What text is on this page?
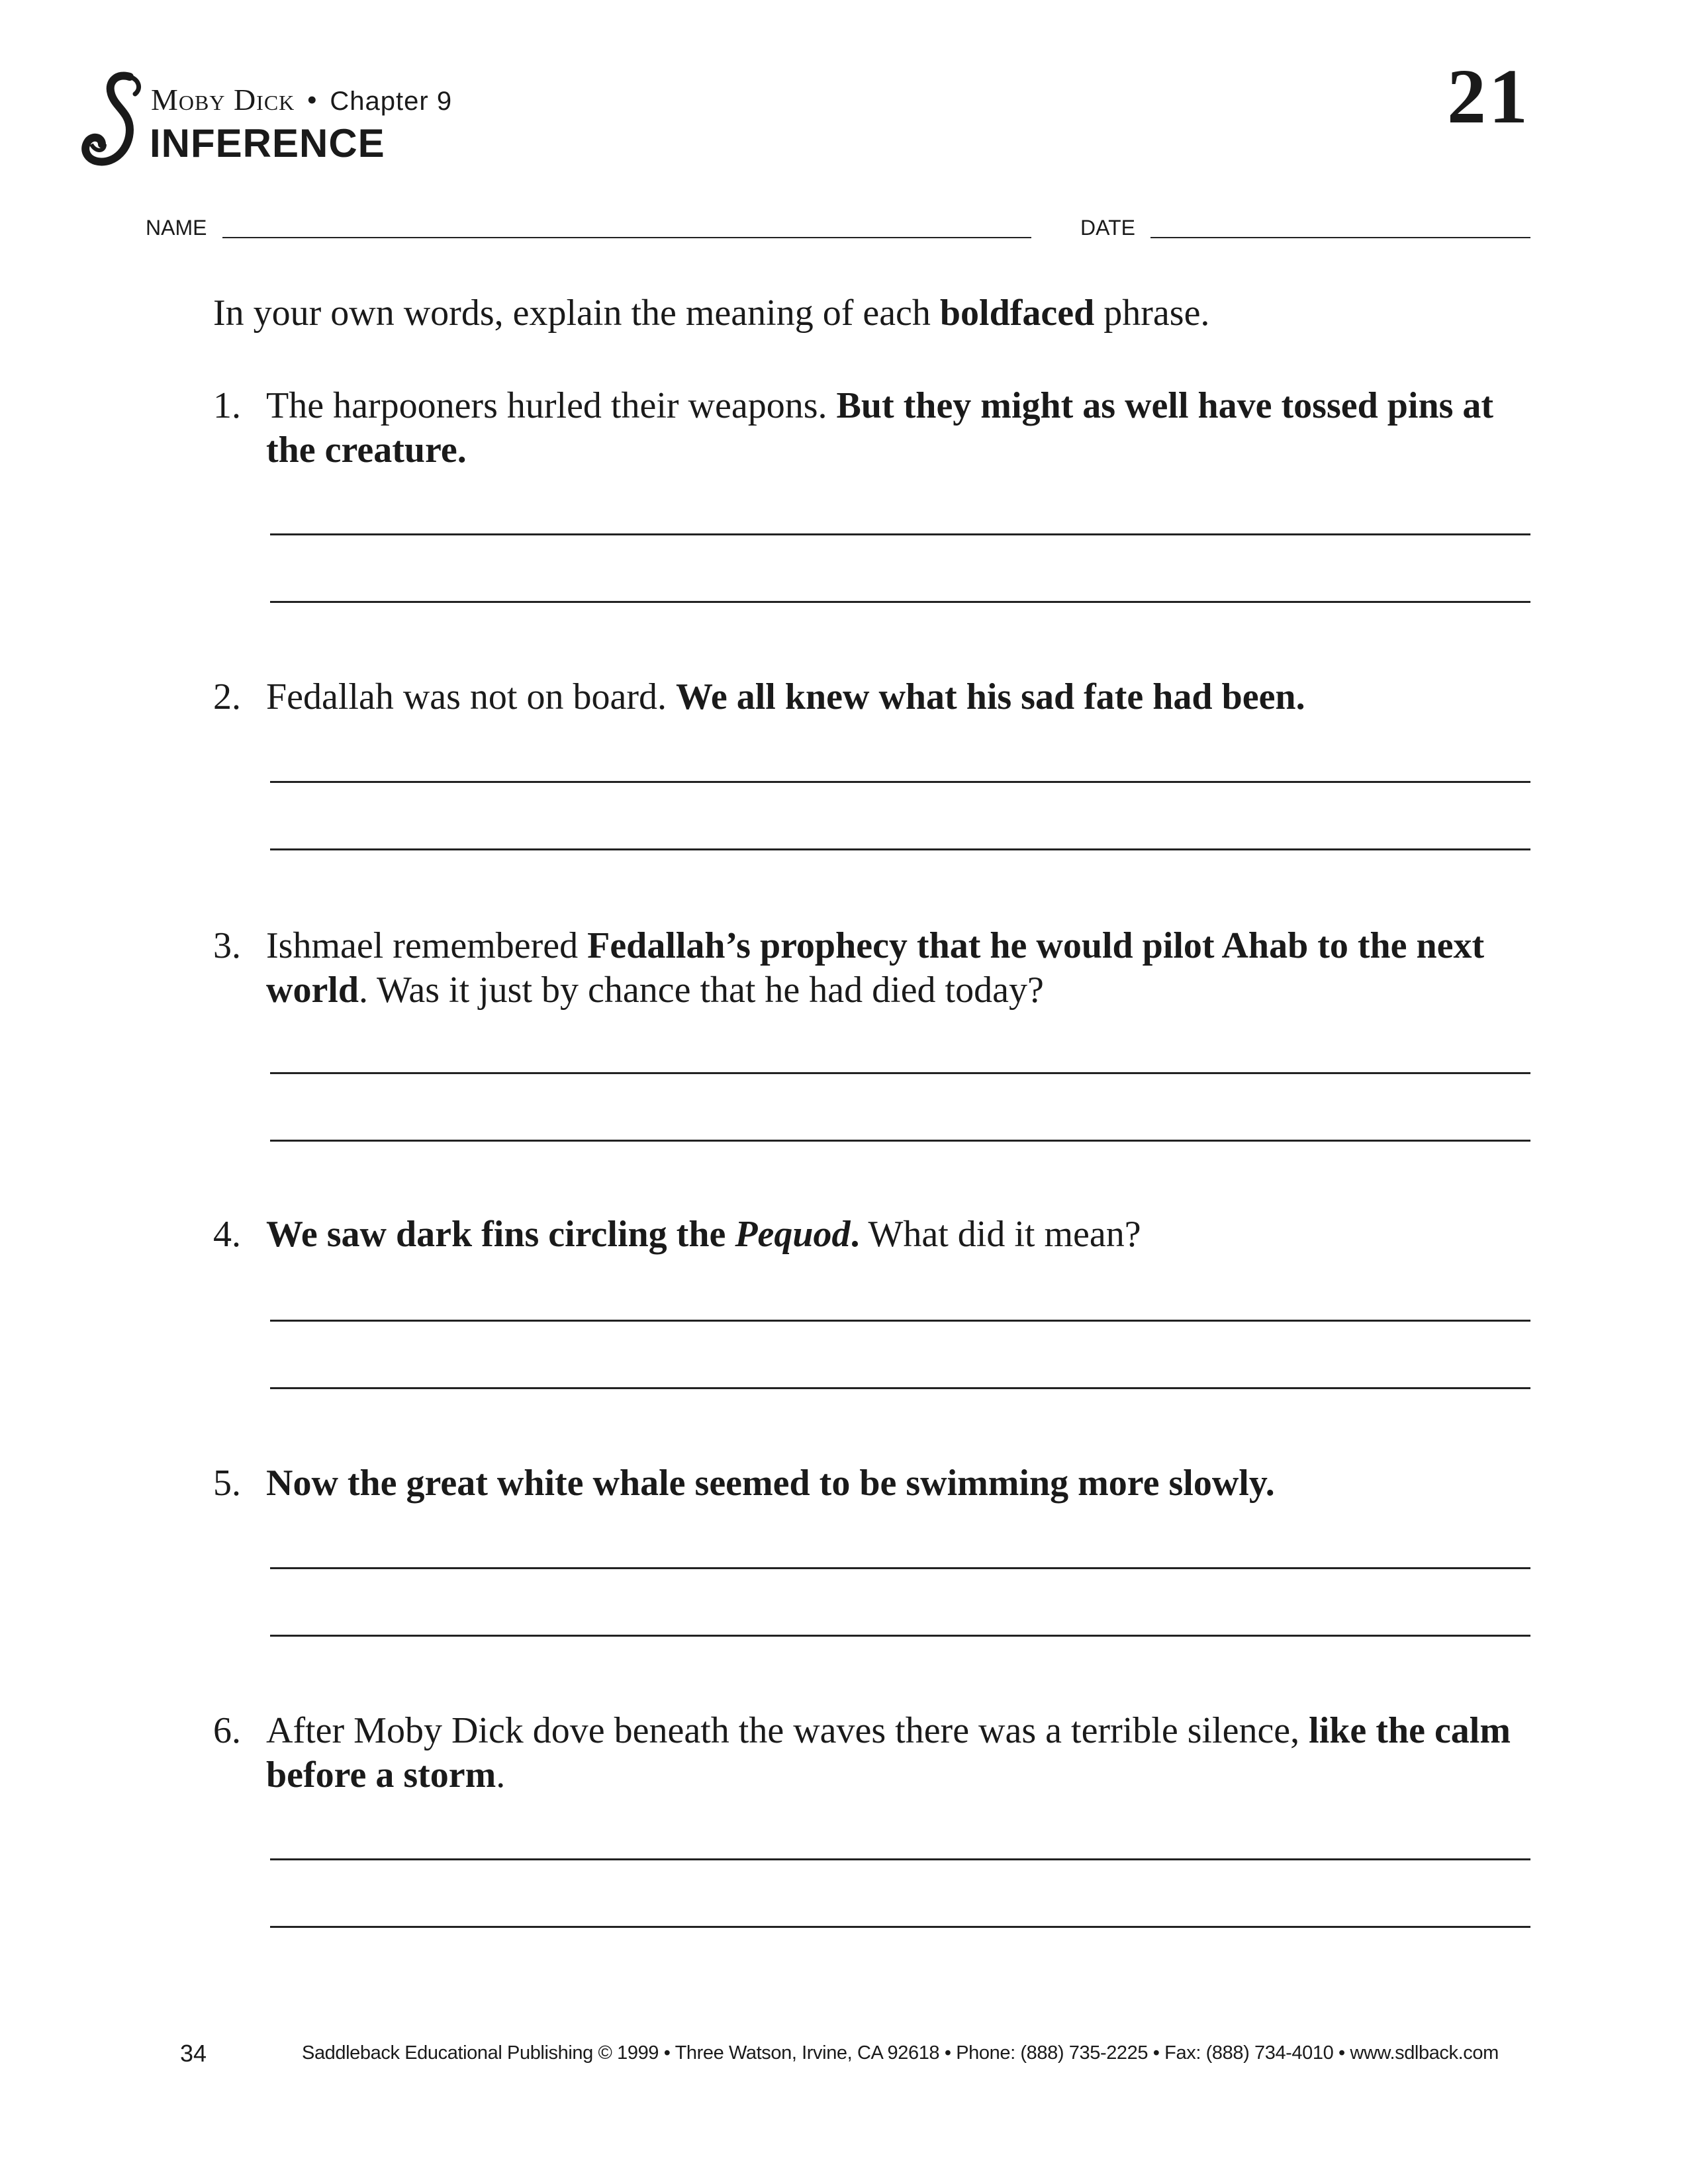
Moby Dick • Chapter 9
INFERENCE
21
NAME	DATE
In your own words, explain the meaning of each boldfaced phrase.
1. The harpooners hurled their weapons. But they might as well have tossed pins at the creature.
2. Fedallah was not on board. We all knew what his sad fate had been.
3. Ishmael remembered Fedallah’s prophecy that he would pilot Ahab to the next world. Was it just by chance that he had died today?
4. We saw dark fins circling the Pequod. What did it mean?
5. Now the great white whale seemed to be swimming more slowly.
6. After Moby Dick dove beneath the waves there was a terrible silence, like the calm before a storm.
34	Saddleback Educational Publishing © 1999 • Three Watson, Irvine, CA 92618 • Phone: (888) 735-2225 • Fax: (888) 734-4010 • www.sdlback.com
